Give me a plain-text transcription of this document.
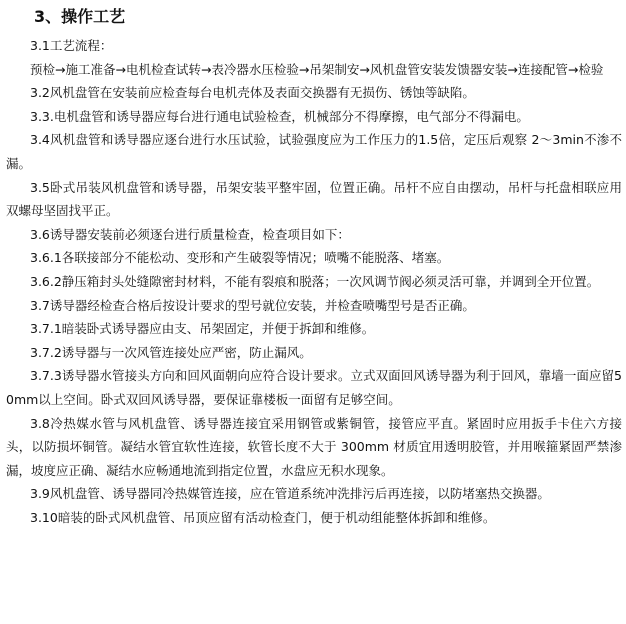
3、操作工艺

3.1工艺流程：

预检→施工准备→电机检查试转→表冷器水压检验→吊架制安→风机盘管安装发馈器安装→连接配管→检验

3.2风机盘管在安装前应检查每台电机壳体及表面交换器有无损伤、锈蚀等缺陷。

3.3.电机盘管和诱导器应每台进行通电试验检查，机械部分不得摩擦，电气部分不得漏电。

3.4风机盘管和诱导器应逐台进行水压试验，试验强度应为工作压力的1.5倍，定压后观察 2～3min不渗不漏。

3.5卧式吊装风机盘管和诱导器，吊架安装平整牢固，位置正确。吊杆不应自由摆动，吊杆与托盘相联应用双螺母坚固找平正。

3.6诱导器安装前必须逐台进行质量检查，检查项目如下：

3.6.1各联接部分不能松动、变形和产生破裂等情况；喷嘴不能脱落、堵塞。

3.6.2静压箱封头处缝隙密封材料，不能有裂痕和脱落；一次风调节阀必须灵活可靠，并调到全开位置。

3.7诱导器经检查合格后按设计要求的型号就位安装，并检查喷嘴型号是否正确。

3.7.1暗装卧式诱导器应由支、吊架固定，并便于拆卸和维修。

3.7.2诱导器与一次风管连接处应严密，防止漏风。

3.7.3诱导器水管接头方向和回风面朝向应符合设计要求。立式双面回风诱导器为利于回风，靠墙一面应留50mm以上空间。卧式双回风诱导器，要保证靠楼板一面留有足够空间。

3.8冷热媒水管与风机盘管、诱导器连接宜采用钢管或紫铜管，接管应平直。紧固时应用扳手卡住六方接头，以防损坏铜管。凝结水管宜软性连接，软管长度不大于 300mm 材质宜用透明胶管，并用喉箍紧固严禁渗漏，坡度应正确、凝结水应畅通地流到指定位置，水盘应无积水现象。

3.9风机盘管、诱导器同冷热媒管连接，应在管道系统冲洗排污后再连接，以防堵塞热交换器。

3.10暗装的卧式风机盘管、吊顶应留有活动检查门，便于机动组能整体拆卸和维修。
